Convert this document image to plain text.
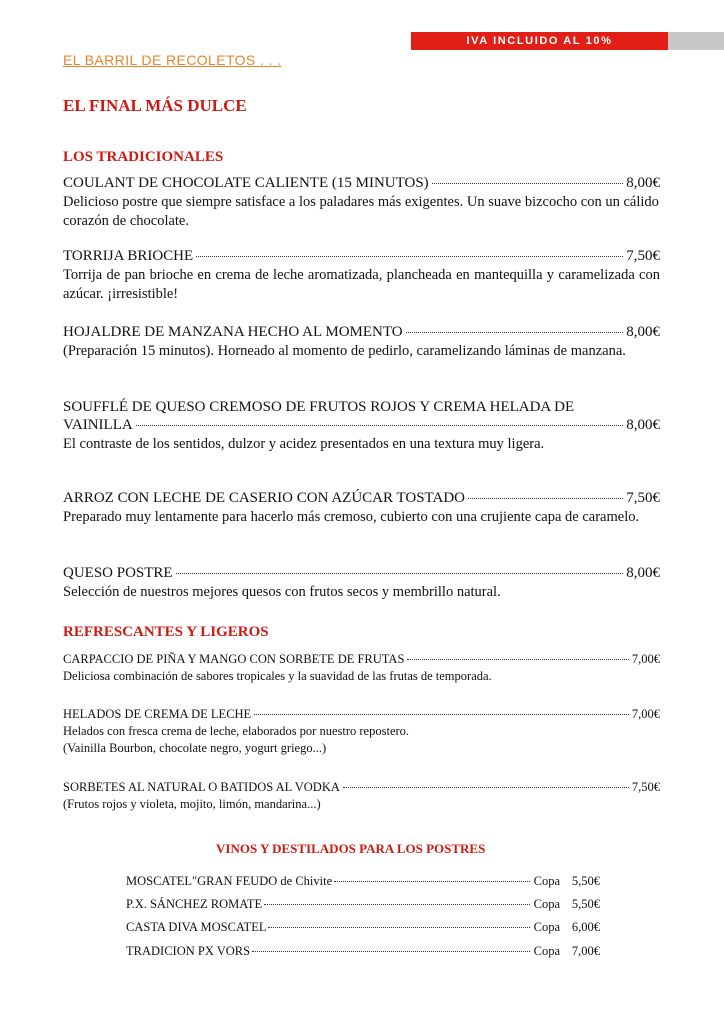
IVA INCLUIDO AL 10%
EL BARRIL DE RECOLETOS . . .
EL FINAL MÁS DULCE
LOS TRADICIONALES
COULANT DE CHOCOLATE CALIENTE (15 MINUTOS)	8,00€
Delicioso postre que siempre satisface a los paladares más exigentes. Un suave bizcocho con un cálido corazón de chocolate.
TORRIJA BRIOCHE	7,50€
Torrija de pan brioche en crema de leche aromatizada, plancheada en mantequilla y caramelizada con azúcar. ¡irresistible!
HOJALDRE DE MANZANA HECHO AL MOMENTO	8,00€
(Preparación 15 minutos). Horneado al momento de pedirlo, caramelizando láminas de manzana.
SOUFFLÉ DE QUESO CREMOSO DE FRUTOS ROJOS Y CREMA HELADA DE
VAINILLA	8,00€
El contraste de los sentidos, dulzor y acidez presentados en una textura muy ligera.
ARROZ CON LECHE DE CASERIO CON AZÚCAR TOSTADO	7,50€
Preparado muy lentamente para hacerlo más cremoso, cubierto con una crujiente capa de caramelo.
QUESO POSTRE	8,00€
Selección de nuestros mejores quesos con frutos secos y membrillo natural.
REFRESCANTES Y LIGEROS
CARPACCIO DE PIÑA Y MANGO CON SORBETE DE FRUTAS	7,00€
Deliciosa combinación de sabores tropicales y la suavidad de las frutas de temporada.
HELADOS DE CREMA DE LECHE	7,00€
Helados con fresca crema de leche, elaborados por nuestro repostero.
(Vainilla Bourbon, chocolate negro, yogurt griego...)
SORBETES AL NATURAL O BATIDOS AL VODKA	7,50€
(Frutos rojos y violeta, mojito, limón, mandarina...)
VINOS Y DESTILADOS PARA LOS POSTRES
MOSCATEL"GRAN FEUDO de Chivite	Copa 5,50€
P.X. SÁNCHEZ ROMATE	Copa 5,50€
CASTA DIVA MOSCATEL	Copa 6,00€
TRADICION PX VORS	Copa 7,00€
